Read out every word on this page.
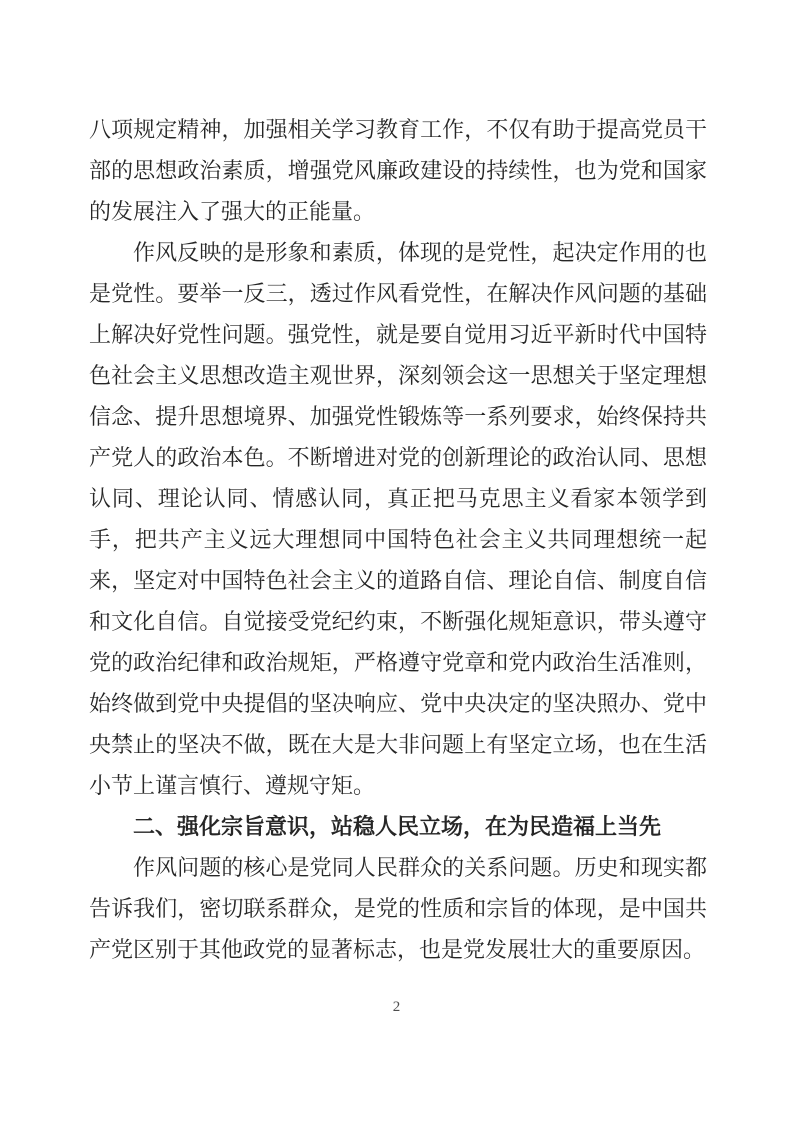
八项规定精神，加强相关学习教育工作，不仅有助于提高党员干部的思想政治素质，增强党风廉政建设的持续性，也为党和国家的发展注入了强大的正能量。

作风反映的是形象和素质，体现的是党性，起决定作用的也是党性。要举一反三，透过作风看党性，在解决作风问题的基础上解决好党性问题。强党性，就是要自觉用习近平新时代中国特色社会主义思想改造主观世界，深刻领会这一思想关于坚定理想信念、提升思想境界、加强党性锻炼等一系列要求，始终保持共产党人的政治本色。不断增进对党的创新理论的政治认同、思想认同、理论认同、情感认同，真正把马克思主义看家本领学到手，把共产主义远大理想同中国特色社会主义共同理想统一起来，坚定对中国特色社会主义的道路自信、理论自信、制度自信和文化自信。自觉接受党纪约束，不断强化规矩意识，带头遵守党的政治纪律和政治规矩，严格遵守党章和党内政治生活准则，始终做到党中央提倡的坚决响应、党中央决定的坚决照办、党中央禁止的坚决不做，既在大是大非问题上有坚定立场，也在生活小节上谨言慎行、遵规守矩。

二、强化宗旨意识，站稳人民立场，在为民造福上当先

作风问题的核心是党同人民群众的关系问题。历史和现实都告诉我们，密切联系群众，是党的性质和宗旨的体现，是中国共产党区别于其他政党的显著标志，也是党发展壮大的重要原因。

2
